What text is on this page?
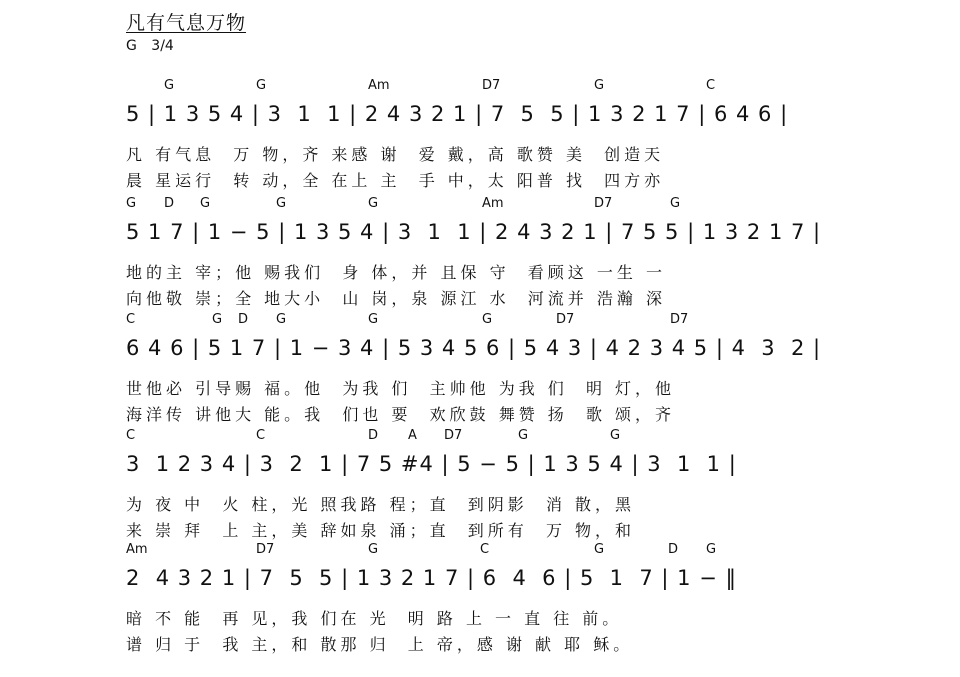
凡有气息万物
G 3/4

G

	G

	Am

	D7

	G

	C

5 | 1 3 5 4 | 3  1  1 | 2 4 3 2 1 | 7  5  5 | 1 3 2 1 7 | 6 4 6 |
凡 有气息  万 物，齐 来感 谢  爱 戴，高 歌赞 美  创造天
晨 星运行  转 动，全 在上 主  手 中，太 阳普 找  四方亦

G

D

G

	G

	G

	Am

	D7

	G

5 1 7 | 1 − 5 | 1 3 5 4 | 3  1  1 | 2 4 3 2 1 | 7 5 5 | 1 3 2 1 7 |
地的主 宰；他 赐我们  身 体，并 且保 守  看顾这 一生 一
向他敬 崇；全 地大小  山 岗，泉 源江 水  河流并 浩瀚 深

C

	G

D

G

	G

	G

	D7

	D7

6 4 6 | 5 1 7 | 1 − 3 4 | 5 3 4 5 6 | 5 4 3 | 4 2 3 4 5 | 4  3  2 |
世他必 引导赐 福。他  为我 们  主帅他 为我 们  明 灯，他
海洋传 讲他大 能。我  们也 要  欢欣鼓 舞赞 扬  歌 颂，齐

C

	C

	D

A

D7

	G

	G

3  1 2 3 4 | 3  2  1 | 7 5 #4 | 5 − 5 | 1 3 5 4 | 3  1  1 |
为 夜 中  火 柱，光 照我路 程；直  到阴影  消 散，黑
来 崇 拜  上 主，美 辞如泉 涌；直  到所有  万 物，和

Am

	D7

	G

	C

	G

	D

G

2  4 3 2 1 | 7  5  5 | 1 3 2 1 7 | 6  4  6 | 5  1  7 | 1 − ‖
暗 不 能  再 见，我 们在 光  明 路 上 一 直 往 前。
谱 归 于  我 主，和 散那 归  上 帝，感 谢 献 耶 稣。
